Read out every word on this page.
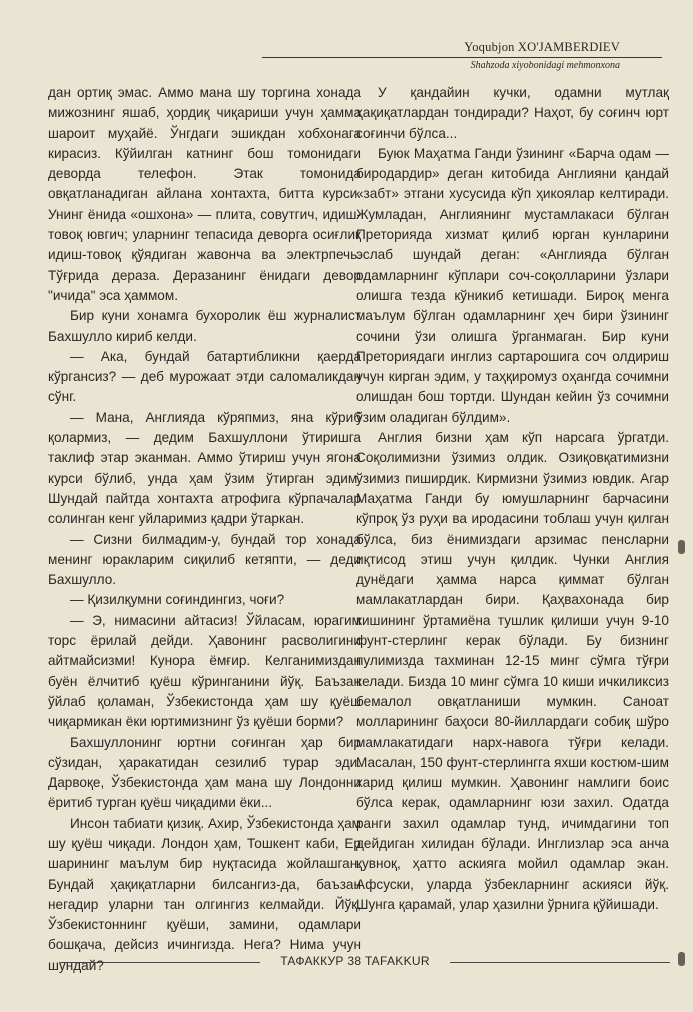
Yoqubjon XO'JAMBERDIEV
Shahzoda xiyobonidagi mehmonxona

дан ортиқ эмас. Аммо мана шу торгина хонада мижознинг яшаб, ҳордиқ чиқариши учун ҳамма шароит муҳайё. Ўнгдаги эшикдан хобхонага кирасиз. Кўйилган катнинг бош томонидаги деворда телефон. Этак томонида овқатланадиган айлана хонтахта, битта курси. Унинг ёнида «ошхона» — плита, совутгич, идиш-товоқ ювгич; уларнинг тепасида деворга осиғлиқ идиш-товоқ қўядиган жавонча ва электрпечь. Тўғрида дераза. Деразанинг ёнидаги девор "ичида" эса ҳаммом.

Бир куни хонамга бухоролик ёш журналист Бахшулло кириб келди.

— Ака, бундай батартибликни қаерда кўргансиз? — деб мурожаат этди саломаликдан сўнг.

— Мана, Англияда кўряпмиз, яна кўриб қолармиз, — дедим Бахшуллони ўтиришга таклиф этар эканман. Аммо ўтириш учун ягона курси бўлиб, унда ҳам ўзим ўтирган эдим. Шундай пайтда хонтахта атрофига кўрпачалар солинган кенг уйларимиз қадри ўтаркан.

— Сизни билмадим-у, бундай тор хонада менинг юракларим сиқилиб кетяпти, — деди Бахшулло.

— Қизилқумни соғиндингиз, чоғи?

— Э, нимасини айтасиз! Ўйласам, юрагим торс ёрилай дейди. Ҳавонинг расволигини айтмайсизми! Кунора ёмғир. Келганимиздан буён ёлчитиб қуёш кўринганини йўқ. Баъзан ўйлаб қоламан, Ўзбекистонда ҳам шу қуёш чиқармикан ёки юртимизнинг ўз қуёши борми?

Бахшуллонинг юртни соғинган ҳар бир сўзидан, ҳаракатидан сезилиб турар эди. Дарвоқе, Ўзбекистонда ҳам мана шу Лондонни ёритиб турган қуёш чиқадими ёки...

Инсон табиати қизиқ. Ахир, Ўзбекистонда ҳам шу қуёш чиқади. Лондон ҳам, Тошкент каби, Ер шарининг маълум бир нуқтасида жойлашган. Бундай ҳақиқатларни билсангиз-да, баъзан негадир уларни тан олгингиз келмайди. Йўқ, Ўзбекистоннинг қуёши, замини, одамлари бошқача, дейсиз ичингизда. Нега? Нима учун шундай?

У қандайин кучки, одамни мутлақ ҳақиқатлардан тондиради? Наҳот, бу соғинч юрт соғинчи бўлса...

Буюк Маҳатма Ганди ўзининг «Барча одам — биродардир» деган китобида Англияни қандай «забт» этгани хусусида кўп ҳикоялар келтиради. Жумладан, Англиянинг мустамлакаси бўлган Преторияда хизмат қилиб юрган кунларини эслаб шундай деган: «Англияда бўлган одамларнинг кўплари соч-соқолларини ўзлари олишга тезда кўникиб кетишади. Бироқ менга маълум бўлган одамларнинг ҳеч бири ўзининг сочини ўзи олишга ўрганмаган. Бир куни Преториядаги инглиз сартарошига соч олдириш учун кирган эдим, у таҳқиромуз оҳангда сочимни олишдан бош тортди. Шундан кейин ўз сочимни ўзим оладиган бўлдим».

Англия бизни ҳам кўп нарсага ўргатди. Соқолимизни ўзимиз олдик. Озиқовқатимизни ўзимиз пиширдик. Кирмизни ўзимиз ювдик. Агар Маҳатма Ганди бу юмушларнинг барчасини кўпроқ ўз руҳи ва иродасини тоблаш учун қилган бўлса, биз ёнимиздаги арзимас пенсларни иқтисод этиш учун қилдик. Чунки Англия дунёдаги ҳамма нарса қиммат бўлган мамлакатлардан бири. Қаҳвахонада бир кишининг ўртамиёна тушлик қилиши учун 9-10 фунт-стерлинг керак бўлади. Бу бизнинг пулимизда тахминан 12-15 минг сўмга тўғри келади. Бизда 10 минг сўмга 10 киши ичкиликсиз бемалол овқатланиши мумкин. Саноат молларининг баҳоси 80-йиллардаги собиқ шўро мамлакатидаги нарх-навога тўғри келади. Масалан, 150 фунт-стерлингга яхши костюм-шим харид қилиш мумкин. Ҳавонинг намлиги боис бўлса керак, одамларнинг юзи захил. Одатда ранги захил одамлар тунд, ичимдагини топ дейдиган хилидан бўлади. Инглизлар эса анча қувноқ, ҳатто аскияга мойил одамлар экан. Афсуски, уларда ўзбекларнинг аскияси йўқ. Шунга қарамай, улар ҳазилни ўрнига қўйишади.

ТАФАККУР 38 TAFAKKUR
